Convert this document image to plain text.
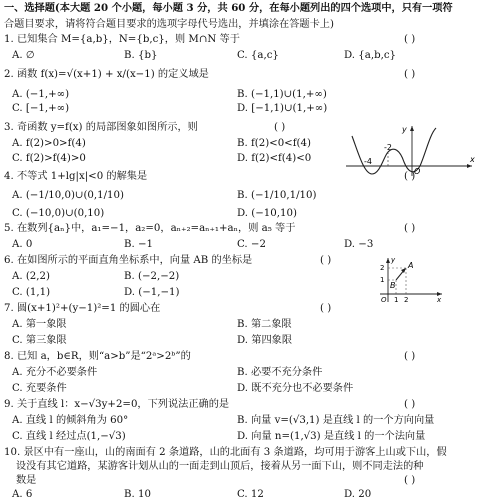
一、选择题(本大题 20 个小题，每小题 3 分，共 60 分，在每小题列出的四个选项中，只有一项符
合题目要求，请将符合题目要求的选项字母代号选出，并填涂在答题卡上)
1. 已知集合 M={a,b}，N={b,c}，则 M∩N 等于	( )
A. ∅	B. {b}	C. {a,c}	D. {a,b,c}
2. 函数 f(x)=√(x+1) + x/(x−1) 的定义域是	( )
A. (−1,+∞)	B. (−1,1)∪(1,+∞)
C. [−1,+∞)	D. [−1,1)∪(1,+∞)
3. 奇函数 y=f(x) 的局部图象如图所示，则	( )
A. f(2)>0>f(4)	B. f(2)<0<f(4)
C. f(2)>f(4)>0	D. f(2)<f(4)<0	-4
-2
O
y
x
4. 不等式 1+lg|x|<0 的解集是	( )
A. (−1/10,0)∪(0,1/10)	B. (−1/10,1/10)
C. (−10,0)∪(0,10)	D. (−10,10)
5. 在数列{aₙ}中，a₁=−1，a₂=0，aₙ₊₂=aₙ₊₁+aₙ，则 a₅ 等于	( )
A. 0	B. −1	C. −2	D. −3
6. 在如图所示的平面直角坐标系中，向量 AB 的坐标是	( )
A. (2,2)	B. (−2,−2)
C. (1,1)	D. (−1,−1)
A
B
2
1
1 2
O
y
x
7. 圆(x+1)²+(y−1)²=1 的圆心在	( )
A. 第一象限	B. 第二象限
C. 第三象限	D. 第四象限
8. 已知 a，b∈R，则“a>b”是“2ᵃ>2ᵇ”的	( )
A. 充分不必要条件	B. 必要不充分条件
C. 充要条件	D. 既不充分也不必要条件
9. 关于直线 l：x−√3y+2=0，下列说法正确的是	( )
A. 直线 l 的倾斜角为 60°	B. 向量 v=(√3,1) 是直线 l 的一个方向向量
C. 直线 l 经过点(1,−√3)	D. 向量 n=(1,√3) 是直线 l 的一个法向量
10. 景区中有一座山，山的南面有 2 条道路，山的北面有 3 条道路，均可用于游客上山或下山，假
设没有其它道路，某游客计划从山的一面走到山顶后，接着从另一面下山，则不同走法的种
数是	( )
A. 6	B. 10	C. 12	D. 20
